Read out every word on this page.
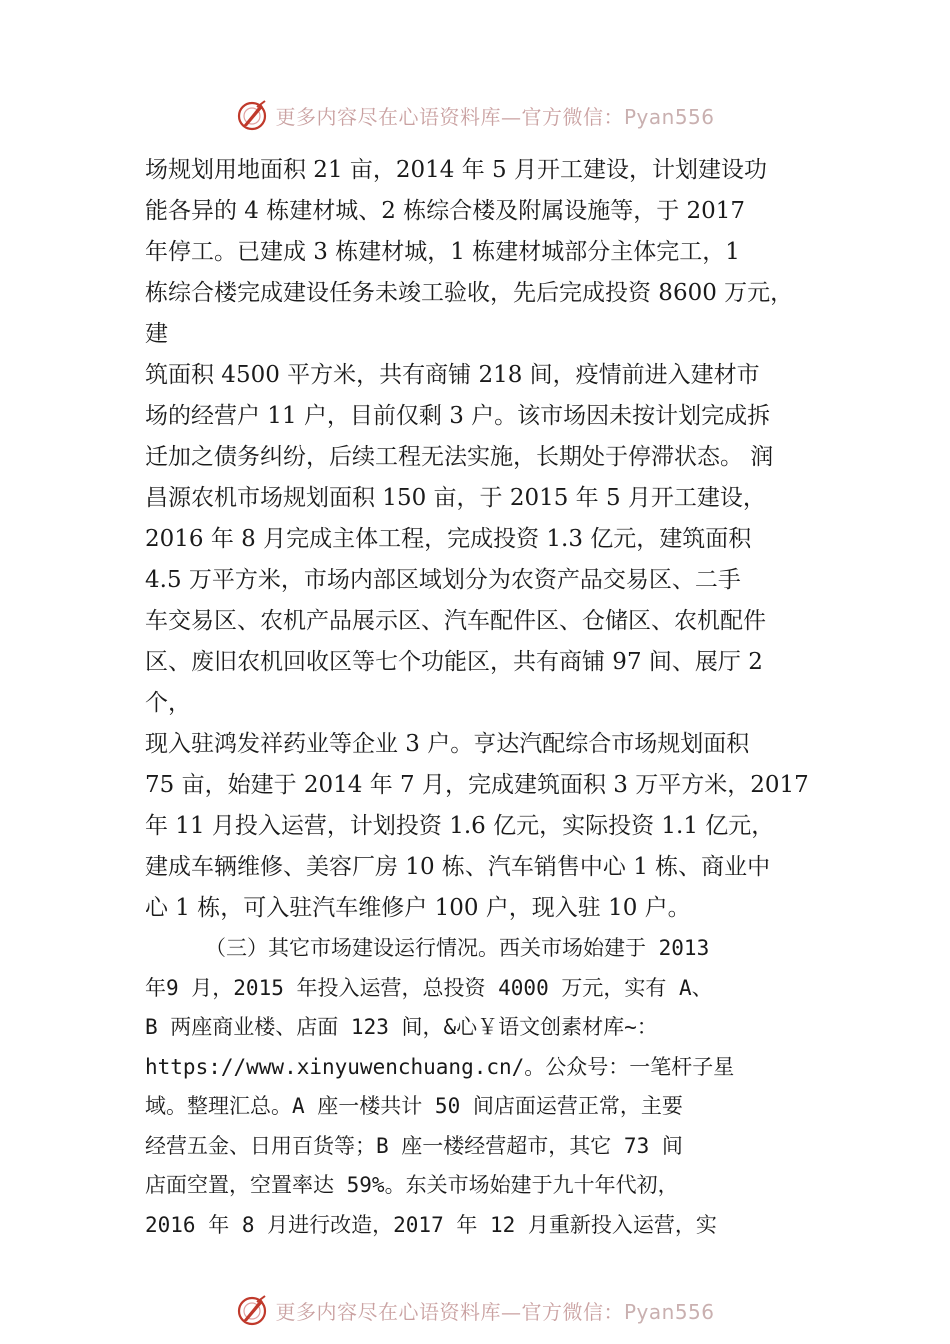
更多内容尽在心语资料库—官方微信：Pyan556
场规划用地面积 21 亩，2014 年 5 月开工建设，计划建设功
能各异的 4 栋建材城、2 栋综合楼及附属设施等，于 2017
年停工。已建成 3 栋建材城，1 栋建材城部分主体完工，1
栋综合楼完成建设任务未竣工验收，先后完成投资 8600 万元，
建
筑面积 4500 平方米，共有商铺 218 间，疫情前进入建材市
场的经营户 11 户，目前仅剩 3 户。该市场因未按计划完成拆
迁加之债务纠纷，后续工程无法实施，长期处于停滞状态。 润
昌源农机市场规划面积 150 亩，于 2015 年 5 月开工建设，
2016 年 8 月完成主体工程，完成投资 1.3 亿元，建筑面积
4.5 万平方米，市场内部区域划分为农资产品交易区、二手
车交易区、农机产品展示区、汽车配件区、仓储区、农机配件
区、废旧农机回收区等七个功能区，共有商铺 97 间、展厅 2
个，
现入驻鸿发祥药业等企业 3 户。亨达汽配综合市场规划面积
75 亩，始建于 2014 年 7 月，完成建筑面积 3 万平方米，2017
年 11 月投入运营，计划投资 1.6 亿元，实际投资 1.1 亿元，
建成车辆维修、美容厂房 10 栋、汽车销售中心 1 栋、商业中
心 1 栋，可入驻汽车维修户 100 户，现入驻 10 户。
（三）其它市场建设运行情况。西关市场始建于 2013
年9 月，2015 年投入运营，总投资 4000 万元，实有 A、
B 两座商业楼、店面 123 间，&心￥语文创素材库~：
https://www.xinyuwenchuang.cn/。公众号：一笔杆子星
域。整理汇总。A 座一楼共计 50 间店面运营正常，主要
经营五金、日用百货等；B 座一楼经营超市，其它 73 间
店面空置，空置率达 59%。东关市场始建于九十年代初，
2016 年 8 月进行改造，2017 年 12 月重新投入运营，实
更多内容尽在心语资料库—官方微信：Pyan556
